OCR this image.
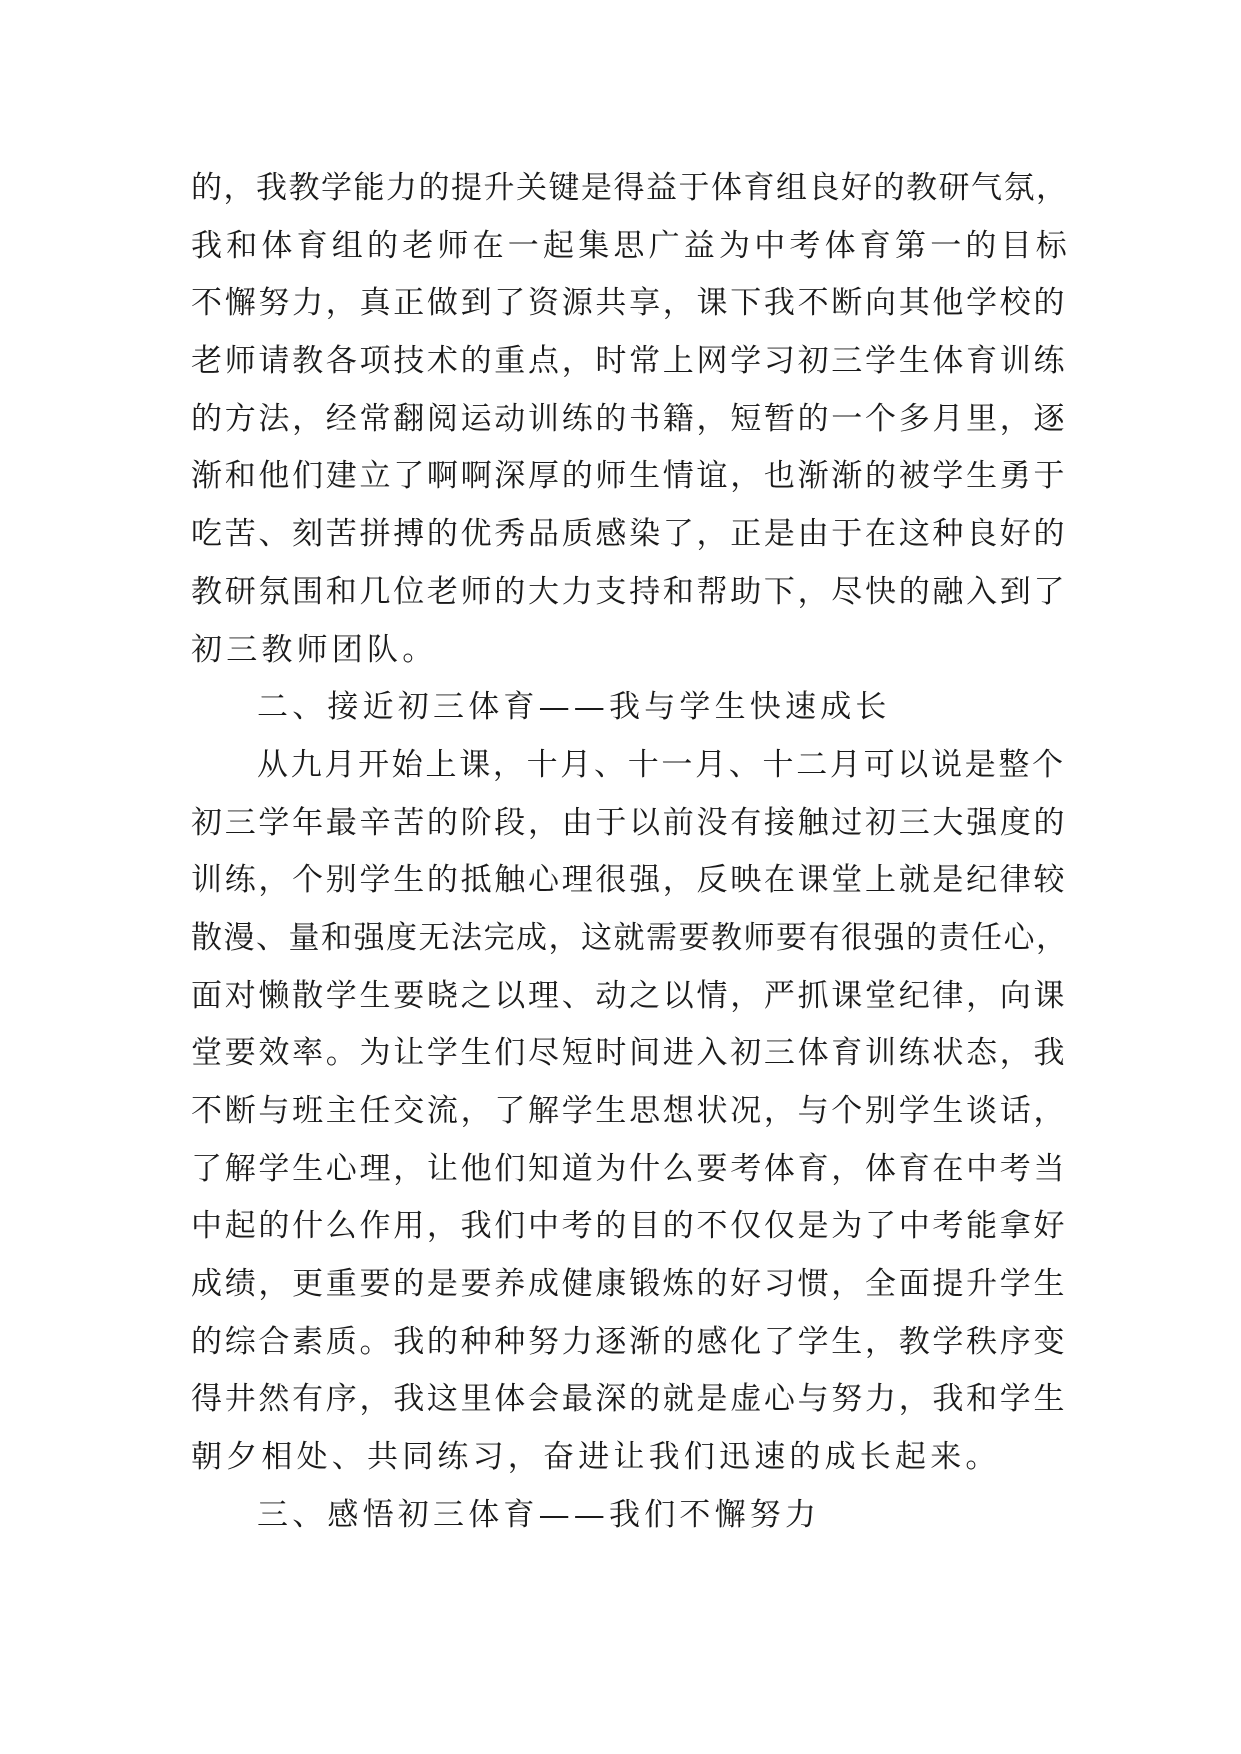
的，我教学能力的提升关键是得益于体育组良好的教研气氛，
我和体育组的老师在一起集思广益为中考体育第一的目标
不懈努力，真正做到了资源共享，课下我不断向其他学校的
老师请教各项技术的重点，时常上网学习初三学生体育训练
的方法，经常翻阅运动训练的书籍，短暂的一个多月里，逐
渐和他们建立了啊啊深厚的师生情谊，也渐渐的被学生勇于
吃苦、刻苦拼搏的优秀品质感染了，正是由于在这种良好的
教研氛围和几位老师的大力支持和帮助下，尽快的融入到了
初三教师团队。
二、接近初三体育——我与学生快速成长
从九月开始上课，十月、十一月、十二月可以说是整个
初三学年最辛苦的阶段，由于以前没有接触过初三大强度的
训练，个别学生的抵触心理很强，反映在课堂上就是纪律较
散漫、量和强度无法完成，这就需要教师要有很强的责任心，
面对懒散学生要晓之以理、动之以情，严抓课堂纪律，向课
堂要效率。为让学生们尽短时间进入初三体育训练状态，我
不断与班主任交流，了解学生思想状况，与个别学生谈话，
了解学生心理，让他们知道为什么要考体育，体育在中考当
中起的什么作用，我们中考的目的不仅仅是为了中考能拿好
成绩，更重要的是要养成健康锻炼的好习惯，全面提升学生
的综合素质。我的种种努力逐渐的感化了学生，教学秩序变
得井然有序，我这里体会最深的就是虚心与努力，我和学生
朝夕相处、共同练习，奋进让我们迅速的成长起来。
三、感悟初三体育——我们不懈努力
